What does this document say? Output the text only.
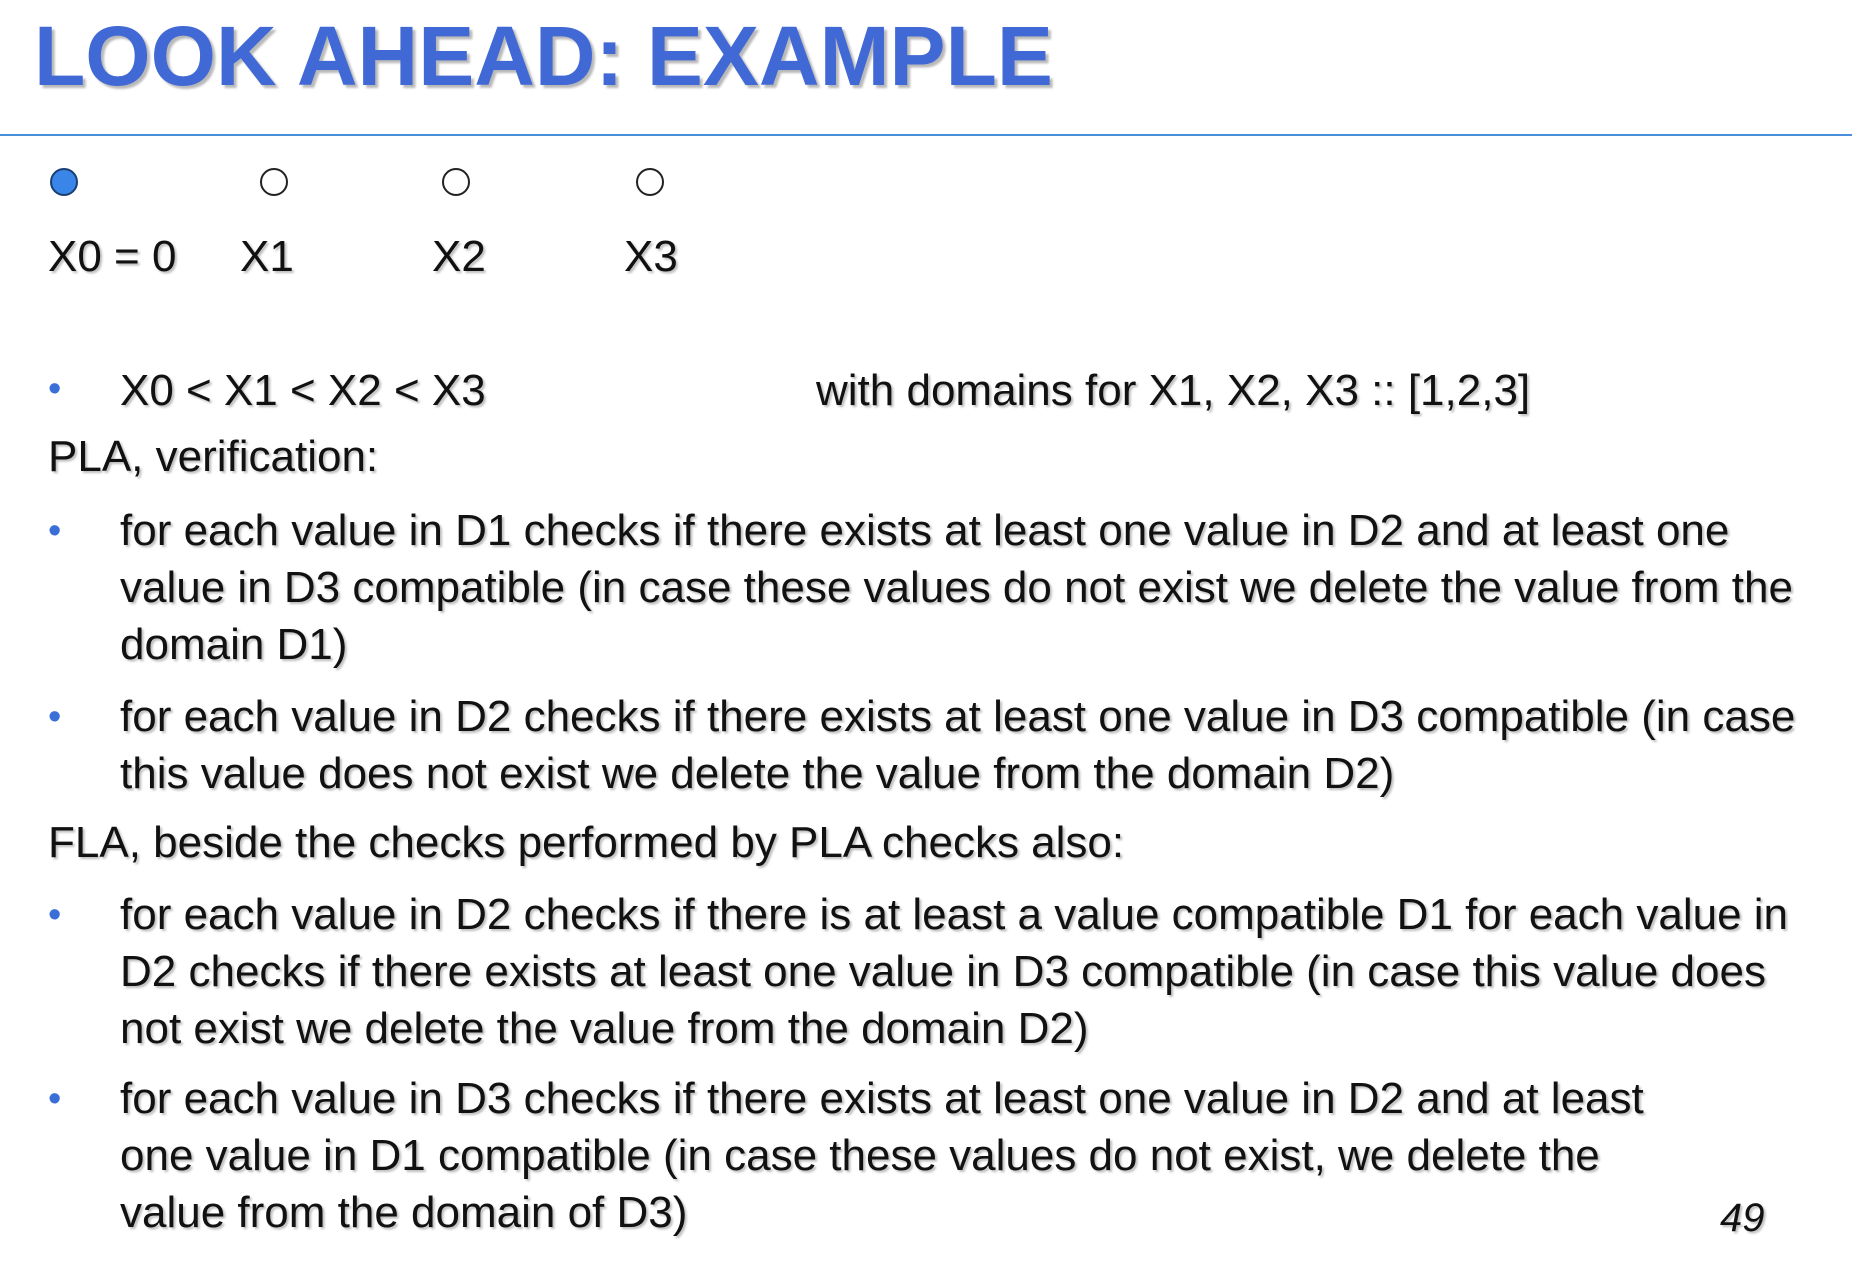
LOOK AHEAD: EXAMPLE
X0 = 0 X1	X2	X3
• X0 < X1 < X2 < X3	with domains for X1, X2, X3 :: [1,2,3]
PLA, verification:
• for each value in D1 checks if there exists at least one value in D2 and at least one value in D3 compatible (in case these values do not exist we delete the value from the domain D1)
• for each value in D2 checks if there exists at least one value in D3 compatible (in case this value does not exist we delete the value from the domain D2)
FLA, beside the checks performed by PLA checks also:
• for each value in D2 checks if there is at least a value compatible D1 for each value in D2 checks if there exists at least one value in D3 compatible (in case this value does not exist we delete the value from the domain D2)
• for each value in D3 checks if there exists at least one value in D2 and at least one value in D1 compatible (in case these values do not exist, we delete the value from the domain of D3)	49
